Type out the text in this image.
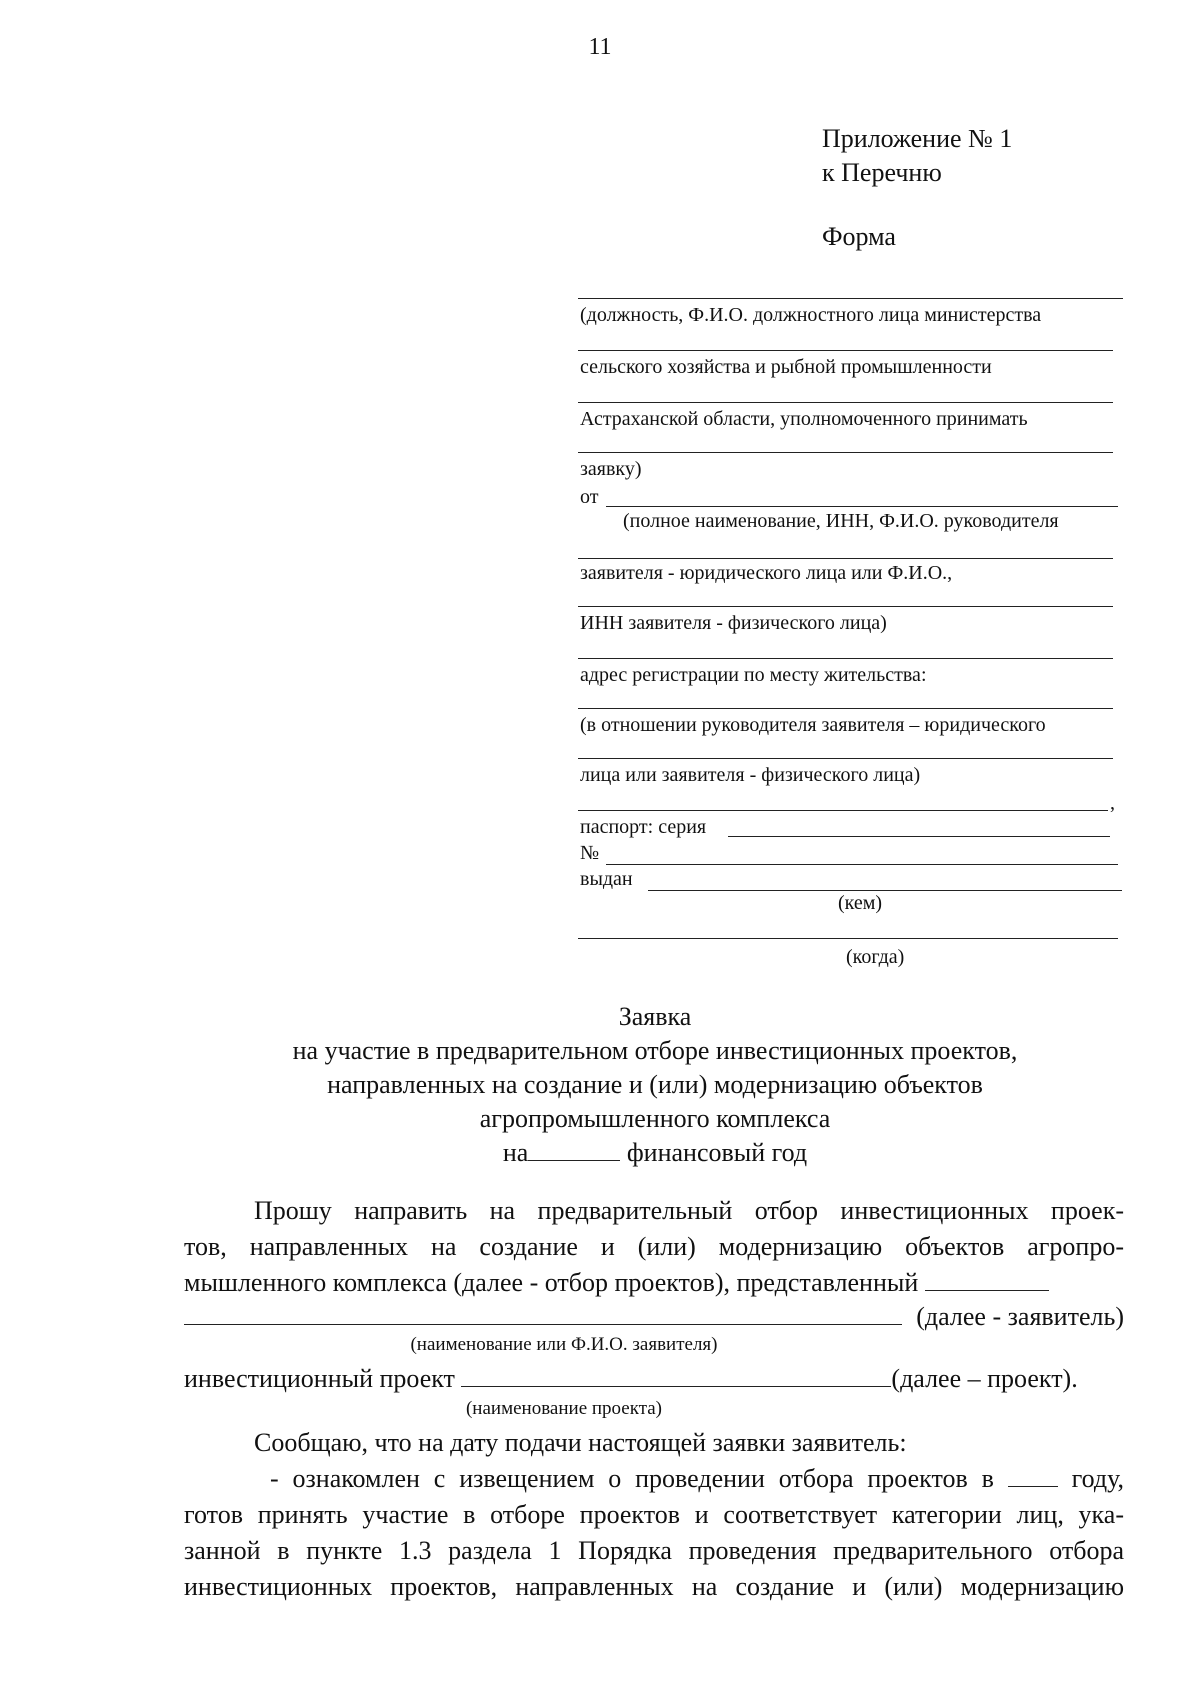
11
Приложение № 1
к Перечню
Форма
(должность, Ф.И.О. должностного лица министерства
сельского хозяйства и рыбной промышленности
Астраханской области, уполномоченного принимать
заявку)
от
(полное наименование, ИНН, Ф.И.О. руководителя
заявителя - юридического лица или Ф.И.О.,
ИНН заявителя - физического лица)
адрес регистрации по месту жительства:
(в отношении руководителя заявителя – юридического
лица или заявителя - физического лица)
,
паспорт: серия
№
выдан
(кем)
(когда)
Заявка
на участие в предварительном отборе инвестиционных проектов,
направленных на создание и (или) модернизацию объектов
агропромышленного комплекса
на	финансовый год
Прошу направить на предварительный отбор инвестиционных проек-
тов, направленных на создание и (или) модернизацию объектов агропро-
мышленного комплекса (далее - отбор проектов), представленный
(далее - заявитель)
(наименование или Ф.И.О. заявителя)
инвестиционный проект	(далее – проект).
(наименование проекта)
Сообщаю, что на дату подачи настоящей заявки заявитель:
- ознакомлен с извещением о проведении отбора проектов в	году,
готов принять участие в отборе проектов и соответствует категории лиц, ука-
занной в пункте 1.3 раздела 1 Порядка проведения предварительного отбора
инвестиционных проектов, направленных на создание и (или) модернизацию
